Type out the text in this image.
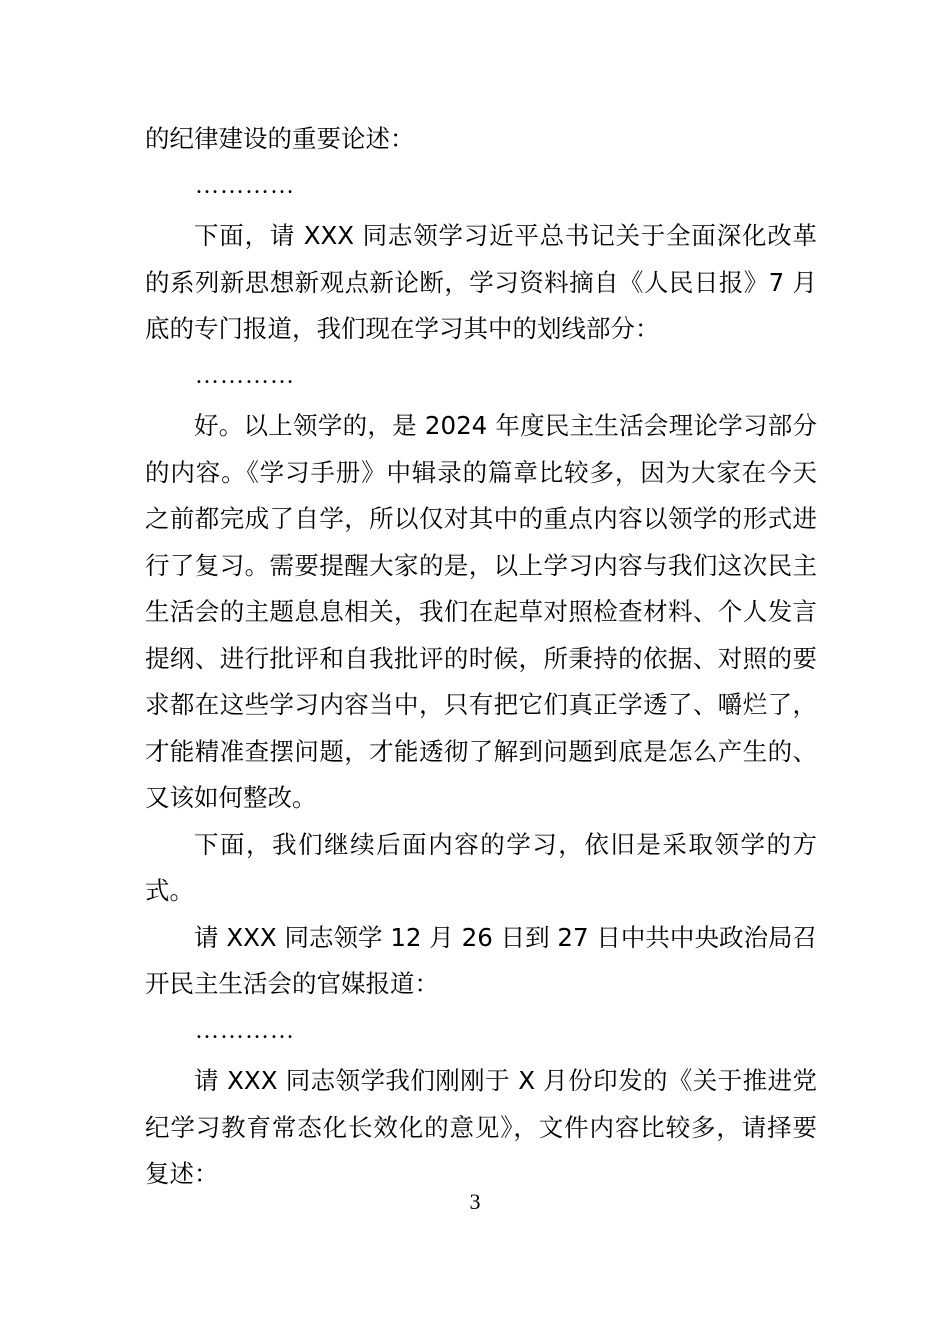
的纪律建设的重要论述：

…………

下面，请 XXX 同志领学习近平总书记关于全面深化改革的系列新思想新观点新论断，学习资料摘自《人民日报》7 月底的专门报道，我们现在学习其中的划线部分：

…………

好。以上领学的，是 2024 年度民主生活会理论学习部分的内容。《学习手册》中辑录的篇章比较多，因为大家在今天之前都完成了自学，所以仅对其中的重点内容以领学的形式进行了复习。需要提醒大家的是，以上学习内容与我们这次民主生活会的主题息息相关，我们在起草对照检查材料、个人发言提纲、进行批评和自我批评的时候，所秉持的依据、对照的要求都在这些学习内容当中，只有把它们真正学透了、嚼烂了，才能精准查摆问题，才能透彻了解到问题到底是怎么产生的、又该如何整改。

下面，我们继续后面内容的学习，依旧是采取领学的方式。

请 XXX 同志领学 12 月 26 日到 27 日中共中央政治局召开民主生活会的官媒报道：

…………

请 XXX 同志领学我们刚刚于 X 月份印发的《关于推进党纪学习教育常态化长效化的意见》，文件内容比较多，请择要复述：

3
